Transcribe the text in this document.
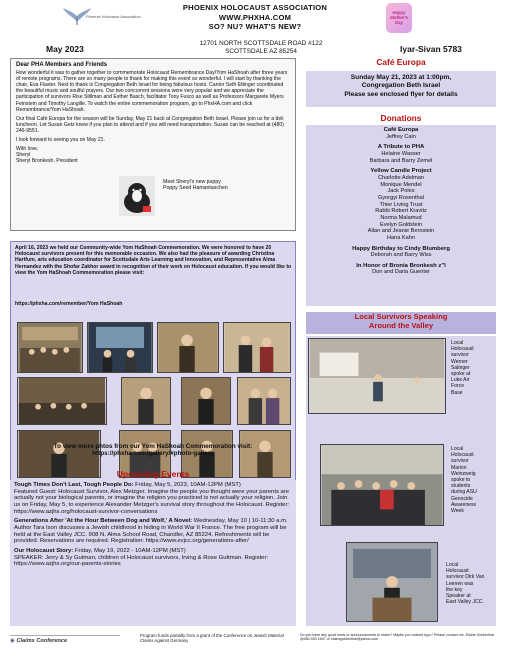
Phoenix Holocaust Association
PHOENIX HOLOCAUST ASSOCIATION
WWW.PHXHA.COM
SO? NU? WHAT'S NEW?
Happy Mother's Day
May 2023
12701 NORTH SCOTTSDALE ROAD #122
SCOTTSDALE AZ 85254	Iyar-Sivan 5783
Dear PHA Members and Friends

How wonderful it was to gather together to commemorate Holocaust Remembrance Day/Yom HaShoah after three years of remote programs. There are so many people to thank for making this event so wonderful. I will start by thanking the chair, Eva Flaster. Next to thank is Congregation Beth Israel for being fabulous hosts. Cantor Seth Ettinger coordinated the beautiful music and soulful prayers. Our two concurrent sessions were very popular and we appreciate the participation of survivors Rise Stillman and Esther Basch, facilitator Tony Fusco as well as Professors Margarete Myers Feinstein and Timothy Langille. To watch the entire commemoration program, go to PhxHA.com and click Remembrance/Yom HaShoah.

Our final Café Europa for the season will be Sunday, May 21 back at Congregation Beth Israel. Please join us for a deli luncheon. Let Susan Getz know if you plan to attend and if you will need transportation. Susan can be reached at (480) 246-9551.

I look forward to seeing you on May 21.

With love,
Sheryl
Sheryl Bronkesh, President
Meet Sheryl's new puppy
Poppy Seed Hamantaschen
April 16, 2023 we held our Community-wide Yom HaShoah Commemoration. We were honored to have 20 Holocaust survivors present for this memorable occasion. We also had the pleasure of awarding Christina Hartfum, arts education coordinator for Scottsdale Arts Learning and Innovation, and Representative Alma Hernandez with the Shofar Zakhor award in recognition of their work on Holocaust education. If you would like to view the Yom HaShoah Commemoration please visit:
https://phxha.com/remember/Yom HaShoah
To view more phtos from our Yom HaShoah Commemoration visit:
https://phxha.com/gallery/#photo-gallery
Upcoming Events
Tough Times Don't Last, Tough People Do: Friday, May 5, 2023, 10AM-12PM (MST)
Featured Guest: Holocaust Survivor, Alex Metzger. Imagine the people you thought were your parents are actually not your biological parents, or imagine the religion you practiced is not actually your religion. Join us on Friday, May 5, to experience Alexander Metzger's survival story throughout the Holocaust. Register: https://www.azjhs.org/holocaust-survivor-conversations
Generations After 'At the Hour Between Dog and Wolf,' A Novel: Wednesday, May 10 | 10-11:30 a.m. Author Tara Ison discusses a Jewish childhood in hiding in World War II France. The free program will be held at the East Valley JCC. 908 N. Alma School Road, Chandler, AZ 85224. Refreshments will be provided. Reservations are required. Registration: https://www.evjcc.org/generations-after/
Our Holocaust Story: Friday, May 19, 2022 - 10AM-12PM (MST)
SPEAKER: Jerry & Sy Gutman, children of Holocaust survivors, Irving & Rose Guttman. Register: https://www.azjhs.org/our-parents-stories
◉ Claims Conference
Program funds partially from a grant of the Conference on Jewish Material Claims Against Germany
Do you have any good news or announcements to share? Maybe you noticed typo? Please contact me, Elaine Goldenthal @480.330.1547 or elainegoldenthal@yahoo.com
Café Europa
Sunday May 21, 2023 at 1:00pm,
Congregation Beth Israel
Please see enclosed flyer for details
Donations
Café Europa
Jeffrey Cain
A Tribute to PHA
Helaine Wasser
Barbara and Barry Zemel
Yellow Candle Project
Charlotte Adelman
Monique Mendel
Jack Poles
Gyorgyi Rosenthal
Thier Living Trust
Rabbi Robert Kravitz
Norma Malamud
Evelyn Goldstein
Allan and Jeanie Bernstein
Hana Kahn
Happy Birthday to Cindy Blumberg
Deborah and Barry Wiss
In Honor of Bronia Bronkesh z"l
Don and Daria Guenter
Local Survivors Speaking
Around the Valley
Local
Holocaust
survivor
Werner
Salinger
spoke at
Luke Air
Force
Base
Local
Holocaust
survivor
Marion
Weinzweig
spoke to
students
during ASU
Genocide
Awareness
Week
Local
Holocaust
survivor Dirk Van
Leenen was
the key
Speaker at
East Valley JCC.
